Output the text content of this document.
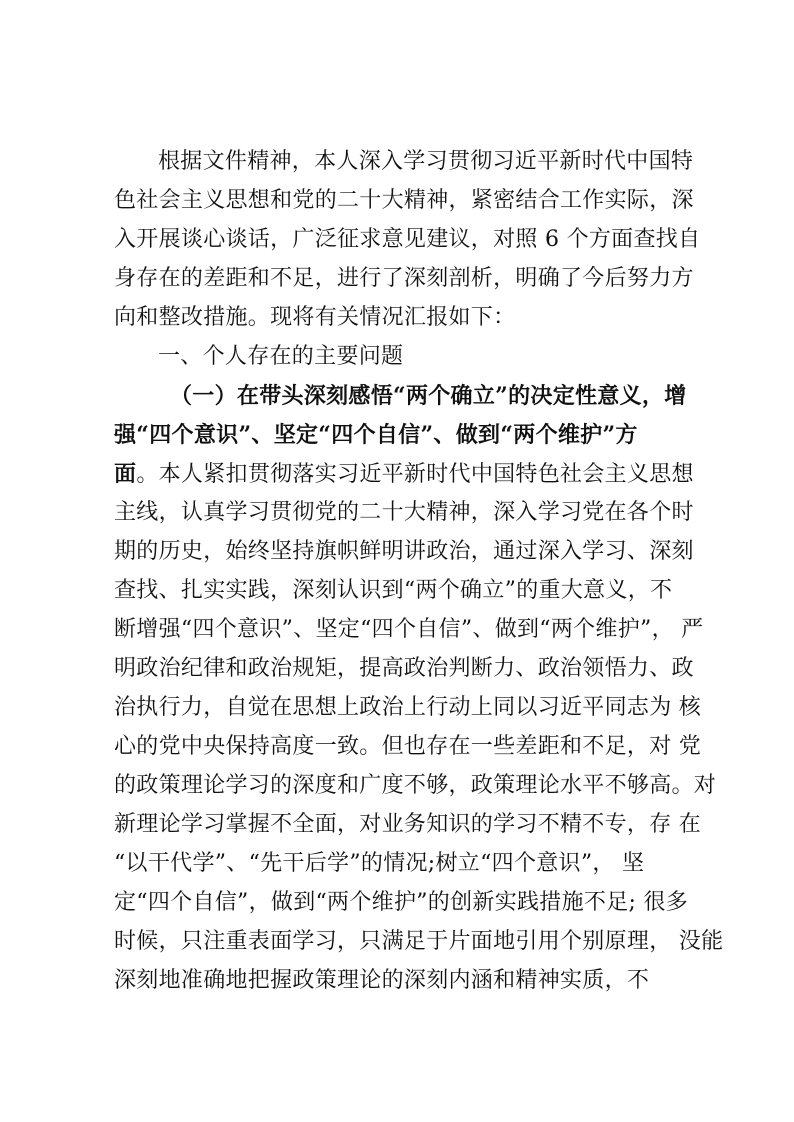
根据文件精神，本人深入学习贯彻习近平新时代中国特
色社会主义思想和党的二十大精神，紧密结合工作实际，深
入开展谈心谈话，广泛征求意见建议，对照 6 个方面查找自
身存在的差距和不足，进行了深刻剖析，明确了今后努力方
向和整改措施。现将有关情况汇报如下：
一、个人存在的主要问题
（一）在带头深刻感悟“两个确立”的决定性意义，增
强“四个意识”、坚定“四个自信”、做到“两个维护”方
面。本人紧扣贯彻落实习近平新时代中国特色社会主义思想
主线，认真学习贯彻党的二十大精神，深入学习党在各个时
期的历史，始终坚持旗帜鲜明讲政治，通过深入学习、深刻
查找、扎实实践，深刻认识到“两个确立”的重大意义，不
断增强“四个意识”、坚定“四个自信”、做到“两个维护”， 严
明政治纪律和政治规矩，提高政治判断力、政治领悟力、政
治执行力，自觉在思想上政治上行动上同以习近平同志为 核
心的党中央保持高度一致。但也存在一些差距和不足，对 党
的政策理论学习的深度和广度不够，政策理论水平不够高。对
新理论学习掌握不全面，对业务知识的学习不精不专，存 在
“以干代学”、“先干后学”的情况;树立“四个意识”， 坚
定“四个自信”，做到“两个维护”的创新实践措施不足; 很多
时候，只注重表面学习，只满足于片面地引用个别原理， 没能
深刻地准确地把握政策理论的深刻内涵和精神实质，不
